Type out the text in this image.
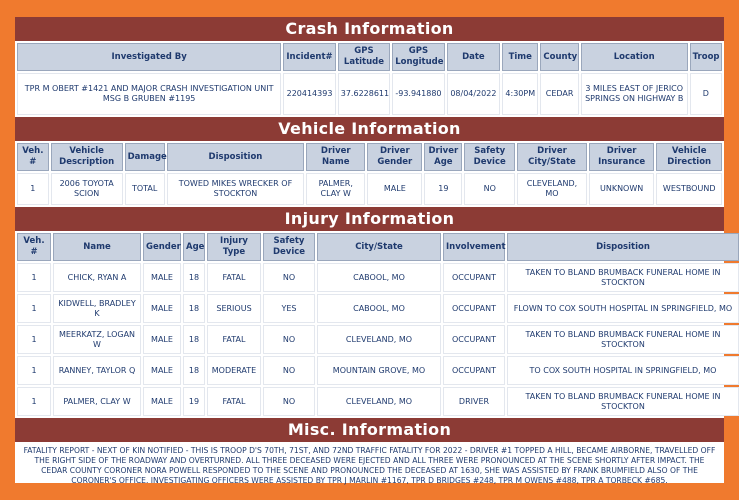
Crash Information
Investigated By	Incident#	GPS Latitude	GPS Longitude	Date	Time	County	Location	Troop
TPR M OBERT #1421 AND MAJOR CRASH INVESTIGATION UNIT MSG B GRUBEN #1195	220414393	37.6228611	-93.941880	08/04/2022	4:30PM	CEDAR	3 MILES EAST OF JERICO SPRINGS ON HIGHWAY B	D
Vehicle Information
Veh. #	Vehicle Description	Damage	Disposition	Driver Name	Driver Gender	Driver Age	Safety Device	Driver City/State	Driver Insurance	Vehicle Direction
1	2006 TOYOTA SCION	TOTAL	TOWED MIKES WRECKER OF STOCKTON	PALMER, CLAY W	MALE	19	NO	CLEVELAND, MO	UNKNOWN	WESTBOUND
Injury Information
Veh. #	Name	Gender	Age	Injury Type	Safety Device	City/State	Involvement	Disposition
1	CHICK, RYAN A	MALE	18	FATAL	NO	CABOOL, MO	OCCUPANT	TAKEN TO BLAND BRUMBACK FUNERAL HOME IN STOCKTON
1	KIDWELL, BRADLEY K	MALE	18	SERIOUS	YES	CABOOL, MO	OCCUPANT	FLOWN TO COX SOUTH HOSPITAL IN SPRINGFIELD, MO
1	MEERKATZ, LOGAN W	MALE	18	FATAL	NO	CLEVELAND, MO	OCCUPANT	TAKEN TO BLAND BRUMBACK FUNERAL HOME IN STOCKTON
1	RANNEY, TAYLOR Q	MALE	18	MODERATE	NO	MOUNTAIN GROVE, MO	OCCUPANT	TO COX SOUTH HOSPITAL IN SPRINGFIELD, MO
1	PALMER, CLAY W	MALE	19	FATAL	NO	CLEVELAND, MO	DRIVER	TAKEN TO BLAND BRUMBACK FUNERAL HOME IN STOCKTON
Misc. Information
FATALITY REPORT - NEXT OF KIN NOTIFIED - THIS IS TROOP D'S 70TH, 71ST, AND 72ND TRAFFIC FATALITY FOR 2022 - DRIVER #1 TOPPED A HILL, BECAME AIRBORNE, TRAVELLED OFF THE RIGHT SIDE OF THE ROADWAY AND OVERTURNED. ALL THREE DECEASED WERE EJECTED AND ALL THREE WERE PRONOUNCED AT THE SCENE SHORTLY AFTER IMPACT. THE CEDAR COUNTY CORONER NORA POWELL RESPONDED TO THE SCENE AND PRONOUNCED THE DECEASED AT 1630, SHE WAS ASSISTED BY FRANK BRUMFIELD ALSO OF THE CORONER'S OFFICE. INVESTIGATING OFFICERS WERE ASSISTED BY TPR J MARLIN #1167, TPR D BRIDGES #248, TPR M OWENS #488, TPR A TORBECK #685.
